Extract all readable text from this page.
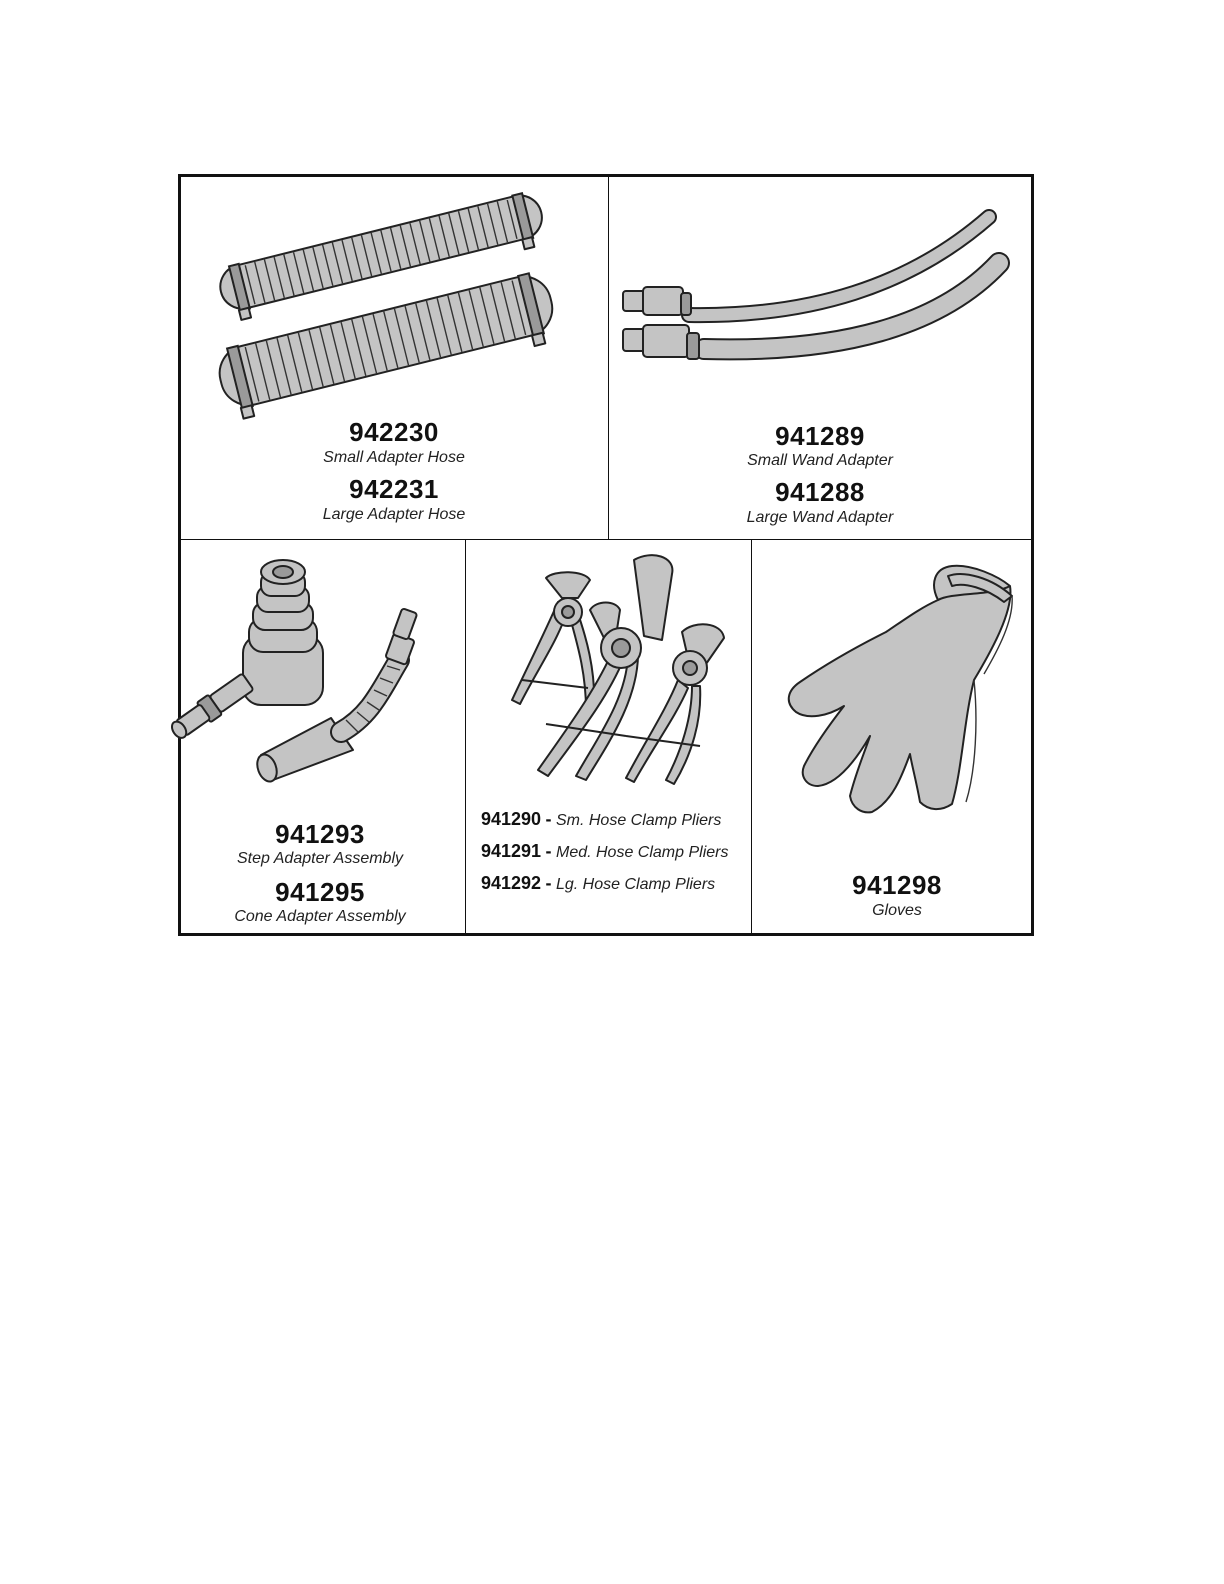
942230
Small Adapter Hose
942231
Large Adapter Hose
941289
Small Wand Adapter
941288
Large Wand Adapter
941293
Step Adapter Assembly
941295
Cone Adapter Assembly
941290 - Sm. Hose Clamp Pliers
941291 - Med. Hose Clamp Pliers
941292 - Lg. Hose Clamp Pliers	941298
Gloves
